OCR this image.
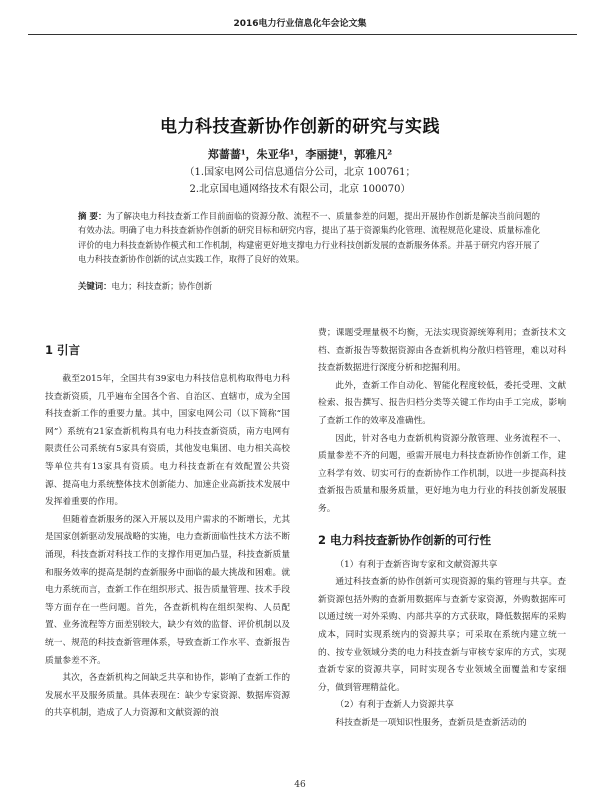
2016电力行业信息化年会论文集
电力科技查新协作创新的研究与实践
郑蔷蔷¹，朱亚华¹，李丽捷¹，郭雅凡²
（1.国家电网公司信息通信分公司，北京 100761；
2.北京国电通网络技术有限公司，北京 100070）
摘 要：为了解决电力科技查新工作目前面临的资源分散、流程不一、质量参差的问题，提出开展协作创新是解决当前问题的有效办法。明确了电力科技查新协作创新的研究目标和研究内容，提出了基于资源集约化管理、流程规范化建设、质量标准化评价的电力科技查新协作模式和工作机制，构建密更好地支撑电力行业科技创新发展的查新服务体系。并基于研究内容开展了电力科技查新协作创新的试点实践工作，取得了良好的效果。
关键词：电力；科技查新；协作创新
1 引言

截至2015年，全国共有39家电力科技信息机构取得电力科技查新资质，几乎遍布全国各个省、自治区、直辖市，成为全国科技查新工作的重要力量。其中，国家电网公司（以下简称“国网”）系统有21家查新机构具有电力科技查新资质，南方电网有限责任公司系统有5家具有资质，其他发电集团、电力相关高校等单位共有13家具有资质。电力科技查新在有效配置公共资源、提高电力系统整体技术创新能力、加速企业高新技术发展中发挥着重要的作用。

但随着查新服务的深入开展以及用户需求的不断增长，尤其是国家创新驱动发展战略的实施，电力查新面临性技术方法不断涌现，科技查新对科技工作的支撑作用更加凸显，科技查新质量和服务效率的提高是制约查新服务中面临的最大挑战和困难。就电力系统而言，查新工作在组织形式、报告质量管理、技术手段等方面存在一些问题。首先，各查新机构在组织架构、人员配置、业务流程等方面差别较大，缺少有效的监督、评价机制以及统一、规范的科技查新管理体系，导致查新工作水平、查新报告质量参差不齐。

其次，各查新机构之间缺乏共享和协作，影响了查新工作的发展水平及服务质量。具体表现在：缺少专家资源、数据库资源的共享机制，造成了人力资源和文献资源的浪

费；课题受理量极不均衡，无法实现资源统筹利用；查新技术文档、查新报告等数据资源由各查新机构分散归档管理，难以对科技查新数据进行深度分析和挖掘利用。

此外，查新工作自动化、智能化程度较低，委托受理、文献检索、报告撰写、报告归档分类等关键工作均由手工完成，影响了查新工作的效率及准确性。

因此，针对各电力查新机构资源分散管理、业务流程不一、质量参差不齐的问题，亟需开展电力科技查新协作创新工作，建立科学有效、切实可行的查新协作工作机制，以进一步提高科技查新报告质量和服务质量，更好地为电力行业的科技创新发展服务。

2 电力科技查新协作创新的可行性

（1）有利于查新咨询专家和文献资源共享

通过科技查新的协作创新可实现资源的集约管理与共享。查新资源包括外购的查新用数据库与查新专家资源，外购数据库可以通过统一对外采购、内部共享的方式获取，降低数据库的采购成本，同时实现系统内的资源共享；可采取在系统内建立统一的、按专业领域分类的电力科技查新与审核专家库的方式，实现查新专家的资源共享，同时实现各专业领域全面覆盖和专家细分，做到管理精益化。

（2）有利于查新人力资源共享

科技查新是一项知识性服务，查新员是查新活动的

46
